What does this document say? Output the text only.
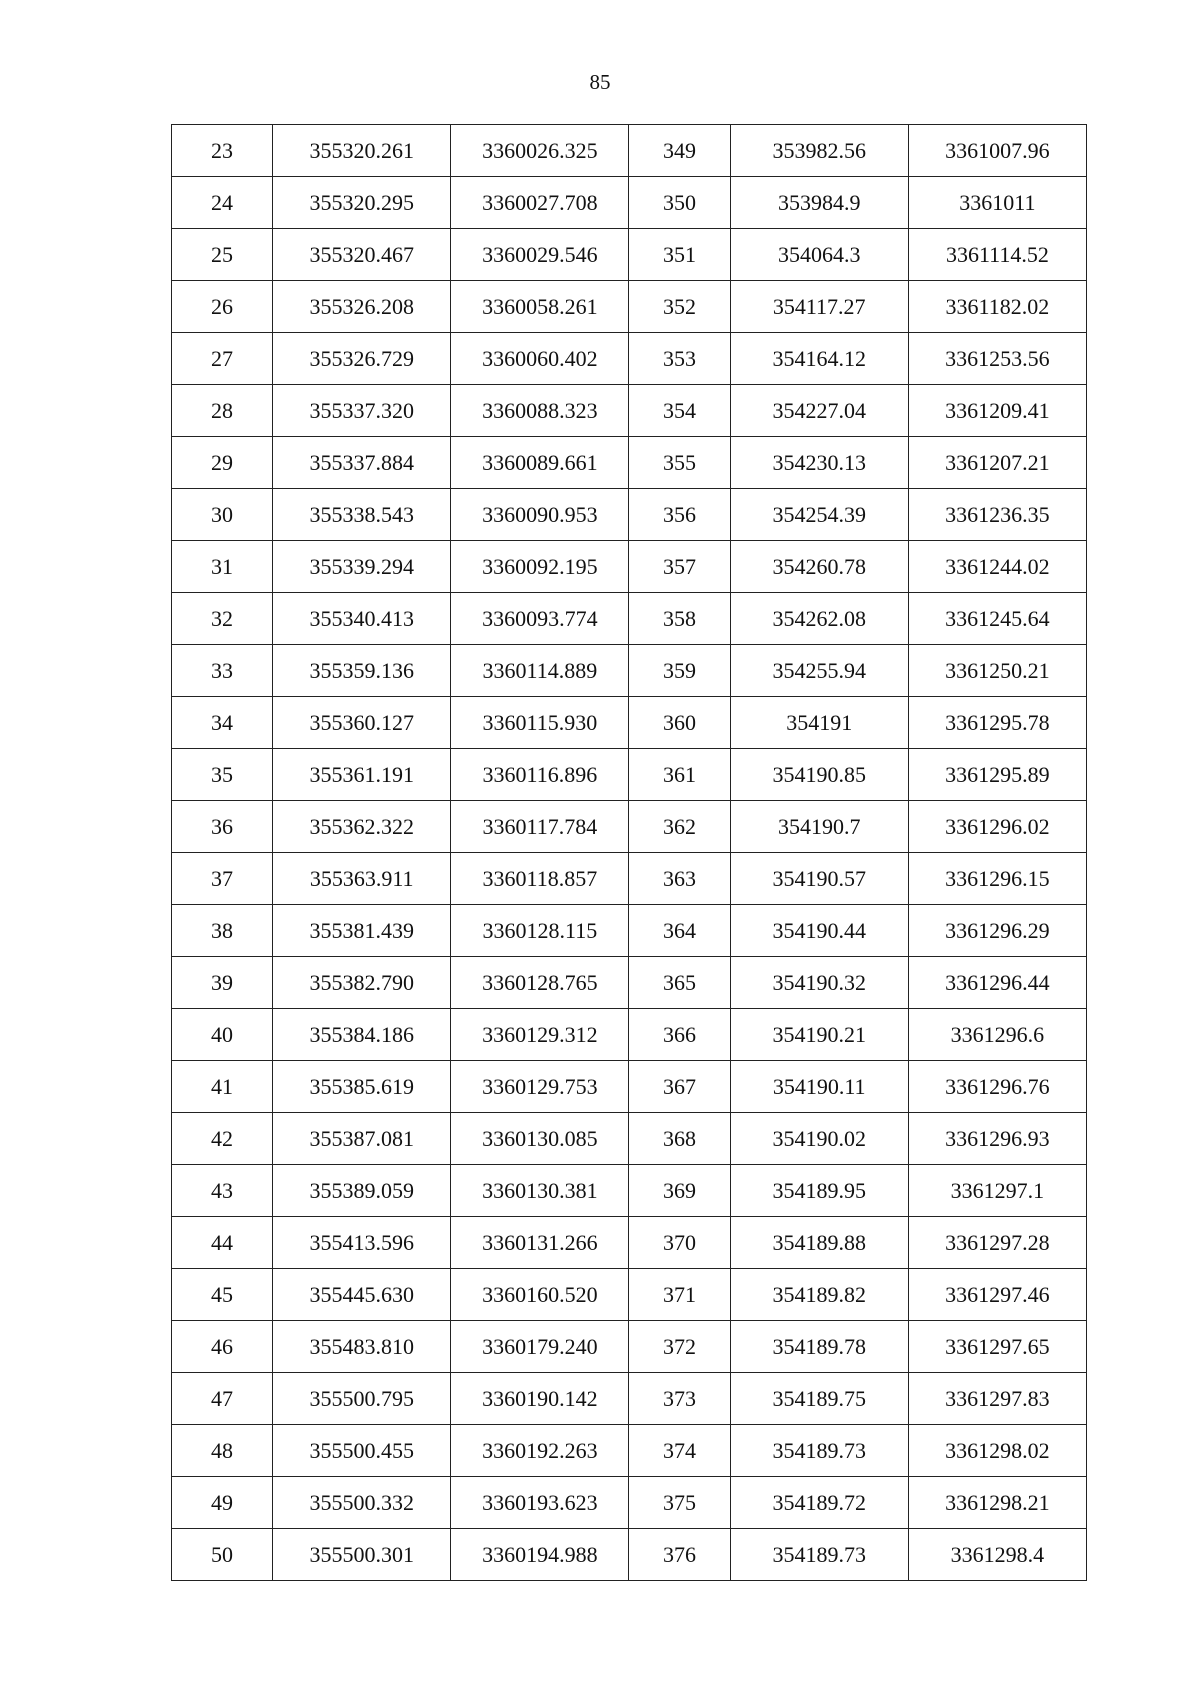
85
23	355320.261	3360026.325	349	353982.56	3361007.96
24	355320.295	3360027.708	350	353984.9	3361011
25	355320.467	3360029.546	351	354064.3	3361114.52
26	355326.208	3360058.261	352	354117.27	3361182.02
27	355326.729	3360060.402	353	354164.12	3361253.56
28	355337.320	3360088.323	354	354227.04	3361209.41
29	355337.884	3360089.661	355	354230.13	3361207.21
30	355338.543	3360090.953	356	354254.39	3361236.35
31	355339.294	3360092.195	357	354260.78	3361244.02
32	355340.413	3360093.774	358	354262.08	3361245.64
33	355359.136	3360114.889	359	354255.94	3361250.21
34	355360.127	3360115.930	360	354191	3361295.78
35	355361.191	3360116.896	361	354190.85	3361295.89
36	355362.322	3360117.784	362	354190.7	3361296.02
37	355363.911	3360118.857	363	354190.57	3361296.15
38	355381.439	3360128.115	364	354190.44	3361296.29
39	355382.790	3360128.765	365	354190.32	3361296.44
40	355384.186	3360129.312	366	354190.21	3361296.6
41	355385.619	3360129.753	367	354190.11	3361296.76
42	355387.081	3360130.085	368	354190.02	3361296.93
43	355389.059	3360130.381	369	354189.95	3361297.1
44	355413.596	3360131.266	370	354189.88	3361297.28
45	355445.630	3360160.520	371	354189.82	3361297.46
46	355483.810	3360179.240	372	354189.78	3361297.65
47	355500.795	3360190.142	373	354189.75	3361297.83
48	355500.455	3360192.263	374	354189.73	3361298.02
49	355500.332	3360193.623	375	354189.72	3361298.21
50	355500.301	3360194.988	376	354189.73	3361298.4
